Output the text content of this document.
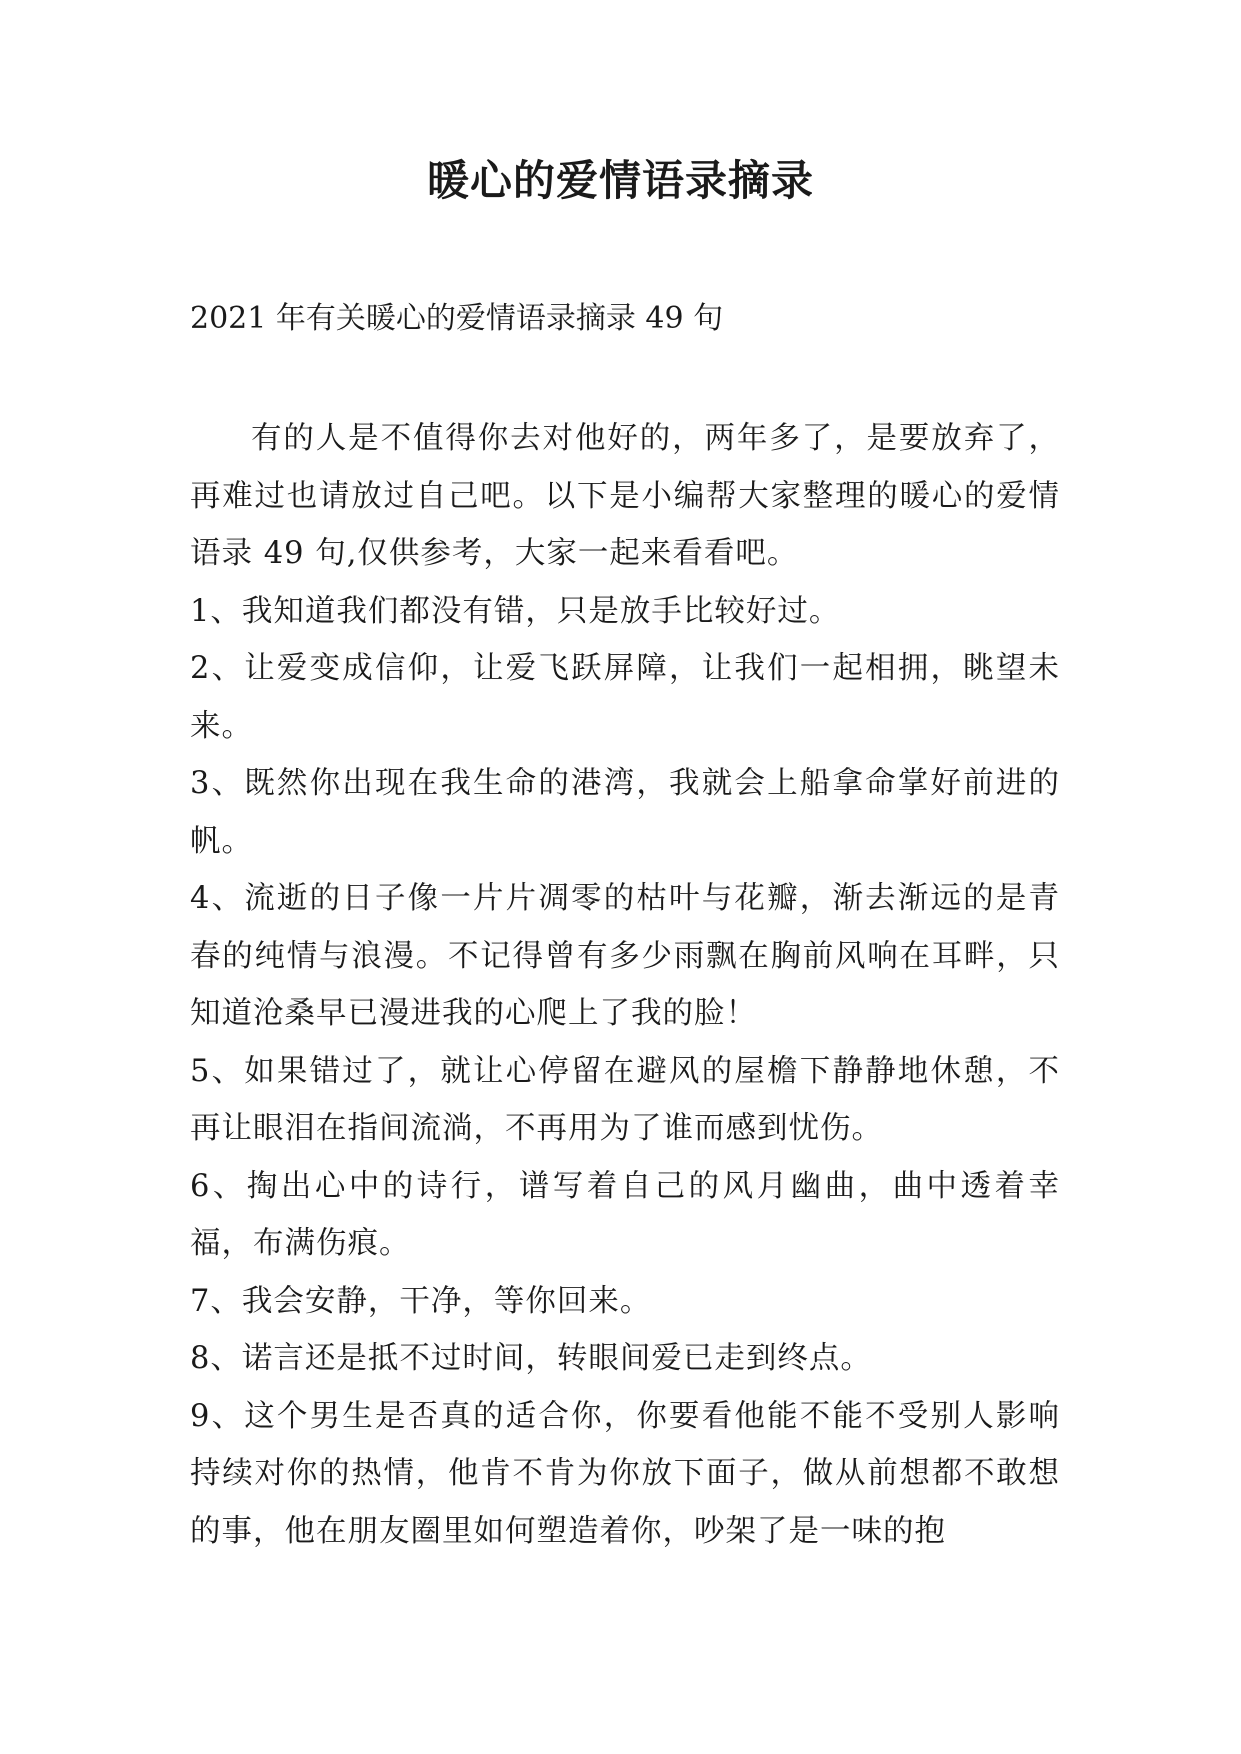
暖心的爱情语录摘录

2021 年有关暖心的爱情语录摘录 49 句

有的人是不值得你去对他好的，两年多了，是要放弃了，再难过也请放过自己吧。以下是小编帮大家整理的暖心的爱情语录 49 句,仅供参考，大家一起来看看吧。

1、我知道我们都没有错，只是放手比较好过。

2、让爱变成信仰，让爱飞跃屏障，让我们一起相拥，眺望未来。

3、既然你出现在我生命的港湾，我就会上船拿命掌好前进的帆。

4、流逝的日子像一片片凋零的枯叶与花瓣，渐去渐远的是青春的纯情与浪漫。不记得曾有多少雨飘在胸前风响在耳畔，只知道沧桑早已漫进我的心爬上了我的脸！

5、如果错过了，就让心停留在避风的屋檐下静静地休憩，不再让眼泪在指间流淌，不再用为了谁而感到忧伤。

6、掏出心中的诗行，谱写着自己的风月幽曲，曲中透着幸福，布满伤痕。

7、我会安静，干净，等你回来。

8、诺言还是抵不过时间，转眼间爱已走到终点。

9、这个男生是否真的适合你，你要看他能不能不受别人影响持续对你的热情，他肯不肯为你放下面子，做从前想都不敢想的事，他在朋友圈里如何塑造着你，吵架了是一味的抱
